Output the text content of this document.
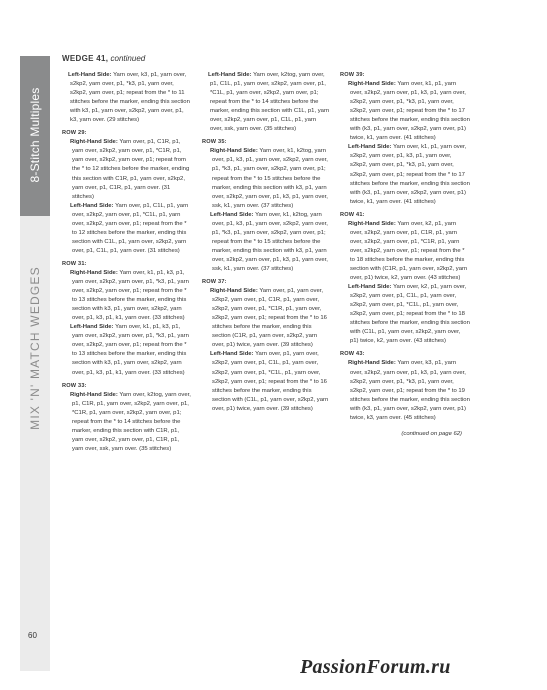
8-Stitch Multiples
MIX 'N' MATCH WEDGES
60
WEDGE 41, continued

Left-Hand Side: Yarn over, k3, p1, yarn over, s2kp2, yarn over, p1, *k3, p1, yarn over, s2kp2, yarn over, p1; repeat from the * to 11 stitches before the marker, ending this section with k3, p1, yarn over, s2kp2, yarn over, p1, k3, yarn over. (29 stitches)

ROW 29:

Right-Hand Side: Yarn over, p1, C1R, p1, yarn over, s2kp2, yarn over, p1, *C1R, p1, yarn over, s2kp2, yarn over, p1; repeat from the * to 12 stitches before the marker, ending this section with C1R, p1, yarn over, s2kp2, yarn over, p1, C1R, p1, yarn over. (31 stitches)

Left-Hand Side: Yarn over, p1, C1L, p1, yarn over, s2kp2, yarn over, p1, *C1L, p1, yarn over, s2kp2, yarn over, p1; repeat from the * to 12 stitches before the marker, ending this section with C1L, p1, yarn over, s2kp2, yarn over, p1, C1L, p1, yarn over. (31 stitches)

ROW 31:

Right-Hand Side: Yarn over, k1, p1, k3, p1, yarn over, s2kp2, yarn over, p1, *k3, p1, yarn over, s2kp2, yarn over, p1; repeat from the * to 13 stitches before the marker, ending this section with k3, p1, yarn over, s2kp2, yarn over, p1, k3, p1, k1, yarn over. (33 stitches)

Left-Hand Side: Yarn over, k1, p1, k3, p1, yarn over, s2kp2, yarn over, p1, *k3, p1, yarn over, s2kp2, yarn over, p1; repeat from the * to 13 stitches before the marker, ending this section with k3, p1, yarn over, s2kp2, yarn over, p1, k3, p1, k1, yarn over. (33 stitches)

ROW 33:

Right-Hand Side: Yarn over, k2tog, yarn over, p1, C1R, p1, yarn over, s2kp2, yarn over, p1, *C1R, p1, yarn over, s2kp2, yarn over, p1; repeat from the * to 14 stitches before the marker, ending this section with C1R, p1, yarn over, s2kp2, yarn over, p1, C1R, p1, yarn over, ssk, yarn over. (35 stitches)

Left-Hand Side: Yarn over, k2tog, yarn over, p1, C1L, p1, yarn over, s2kp2, yarn over, p1, *C1L, p1, yarn over, s2kp2, yarn over, p1; repeat from the * to 14 stitches before the marker, ending this section with C1L, p1, yarn over, s2kp2, yarn over, p1, C1L, p1, yarn over, ssk, yarn over. (35 stitches)

ROW 35:

Right-Hand Side: Yarn over, k1, k2tog, yarn over, p1, k3, p1, yarn over, s2kp2, yarn over, p1, *k3, p1, yarn over, s2kp2, yarn over, p1; repeat from the * to 15 stitches before the marker, ending this section with k3, p1, yarn over, s2kp2, yarn over, p1, k3, p1, yarn over, ssk, k1, yarn over. (37 stitches)

Left-Hand Side: Yarn over, k1, k2tog, yarn over, p1, k3, p1, yarn over, s2kp2, yarn over, p1, *k3, p1, yarn over, s2kp2, yarn over, p1; repeat from the * to 15 stitches before the marker, ending this section with k3, p1, yarn over, s2kp2, yarn over, p1, k3, p1, yarn over, ssk, k1, yarn over. (37 stitches)

ROW 37:

Right-Hand Side: Yarn over, p1, yarn over, s2kp2, yarn over, p1, C1R, p1, yarn over, s2kp2, yarn over, p1, *C1R, p1, yarn over, s2kp2, yarn over, p1; repeat from the * to 16 stitches before the marker, ending this section (C1R, p1, yarn over, s2kp2, yarn over, p1) twice, yarn over. (39 stitches)

Left-Hand Side: Yarn over, p1, yarn over, s2kp2, yarn over, p1, C1L, p1, yarn over, s2kp2, yarn over, p1, *C1L, p1, yarn over, s2kp2, yarn over, p1; repeat from the * to 16 stitches before the marker, ending this section with (C1L, p1, yarn over, s2kp2, yarn over, p1) twice, yarn over. (39 stitches)

ROW 39:

Right-Hand Side: Yarn over, k1, p1, yarn over, s2kp2, yarn over, p1, k3, p1, yarn over, s2kp2, yarn over, p1, *k3, p1, yarn over, s2kp2, yarn over, p1; repeat from the * to 17 stitches before the marker, ending this section with (k3, p1, yarn over, s2kp2, yarn over, p1) twice, k1, yarn over. (41 stitches)

Left-Hand Side: Yarn over, k1, p1, yarn over, s2kp2, yarn over, p1, k3, p1, yarn over, s2kp2, yarn over, p1, *k3, p1, yarn over, s2kp2, yarn over, p1; repeat from the * to 17 stitches before the marker, ending this section with (k3, p1, yarn over, s2kp2, yarn over, p1) twice, k1, yarn over. (41 stitches)

ROW 41:

Right-Hand Side: Yarn over, k2, p1, yarn over, s2kp2, yarn over, p1, C1R, p1, yarn over, s2kp2, yarn over, p1, *C1R, p1, yarn over, s2kp2, yarn over, p1; repeat from the * to 18 stitches before the marker, ending this section with (C1R, p1, yarn over, s2kp2, yarn over, p1) twice, k2, yarn over. (43 stitches)

Left-Hand Side: Yarn over, k2, p1, yarn over, s2kp2, yarn over, p1, C1L, p1, yarn over, s2kp2, yarn over, p1, *C1L, p1, yarn over, s2kp2, yarn over, p1; repeat from the * to 18 stitches before the marker, ending this section with (C1L, p1, yarn over, s2kp2, yarn over, p1) twice, k2, yarn over. (43 stitches)

ROW 43:

Right-Hand Side: Yarn over, k3, p1, yarn over, s2kp2, yarn over, p1, k3, p1, yarn over, s2kp2, yarn over, p1, *k3, p1, yarn over, s2kp2, yarn over, p1; repeat from the * to 19 stitches before the marker, ending this section with (k3, p1, yarn over, s2kp2, yarn over, p1) twice, k3, yarn over. (45 stitches)

(continued on page 62)
PassionForum.ru
